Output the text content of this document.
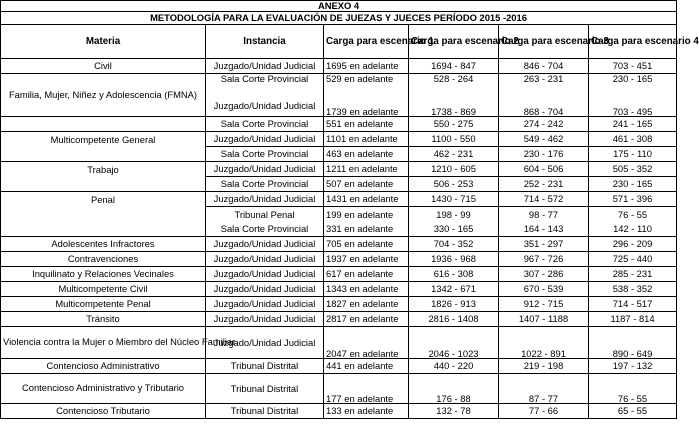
ANEXO 4					
METODOLOGÍA PARA LA EVALUACIÓN DE JUEZAS Y JUECES PERÍODO 2015 -2016					
Materia	Instancia	Carga para escenario 1	Carga para escenario 2	Carga para escenario 3	Carga para escenario 4
Civil	Juzgado/Unidad Judicial	1695 en adelante	1694 - 847	846 - 704	703 - 451
Familia, Mujer, Niñez y Adolescencia (FMNA)	Sala Corte Provincial	529 en adelante	528 - 264	263 - 231	230 - 165
	Juzgado/Unidad Judicial	1739 en adelante	1738 - 869	868 - 704	703 - 495
	Sala Corte Provincial	551 en adelante	550 - 275	274 - 242	241 - 165
Multicompetente General	Juzgado/Unidad Judicial	1101 en adelante	1100 - 550	549 - 462	461 - 308
	Sala Corte Provincial	463 en adelante	462 - 231	230 - 176	175 - 110
Trabajo	Juzgado/Unidad Judicial	1211 en adelante	1210 - 605	604 - 506	505 - 352
	Sala Corte Provincial	507 en adelante	506 - 253	252 - 231	230 - 165
Penal	Juzgado/Unidad Judicial	1431 en adelante	1430 - 715	714 - 572	571 - 396
	Tribunal Penal	199 en adelante	198 - 99	98 - 77	76 - 55
	Sala Corte Provincial	331 en adelante	330 - 165	164 - 143	142 - 110
Adolescentes Infractores	Juzgado/Unidad Judicial	705 en adelante	704 - 352	351 - 297	296 - 209
Contravenciones	Juzgado/Unidad Judicial	1937 en adelante	1936 - 968	967 - 726	725 - 440
Inquilinato y Relaciones Vecinales	Juzgado/Unidad Judicial	617 en adelante	616 - 308	307 - 286	285 - 231
Multicompetente Civil	Juzgado/Unidad Judicial	1343 en adelante	1342 - 671	670 - 539	538 - 352
Multicompetente Penal	Juzgado/Unidad Judicial	1827 en adelante	1826 - 913	912 - 715	714 - 517
Tránsito	Juzgado/Unidad Judicial	2817 en adelante	2816 - 1408	1407 - 1188	1187 - 814
Violencia contra la Mujer o Miembro del Núcleo Familiar	Juzgado/Unidad Judicial	2047 en adelante	2046 - 1023	1022 - 891	890 - 649
Contencioso Administrativo	Tribunal Distrital	441 en adelante	440 - 220	219 - 198	197 - 132
Contencioso Administrativo y Tributario	Tribunal Distrital	177 en adelante	176 - 88	87 - 77	76 - 55
Contencioso Tributario	Tribunal Distrital	133 en adelante	132 - 78	77 - 66	65 - 55
